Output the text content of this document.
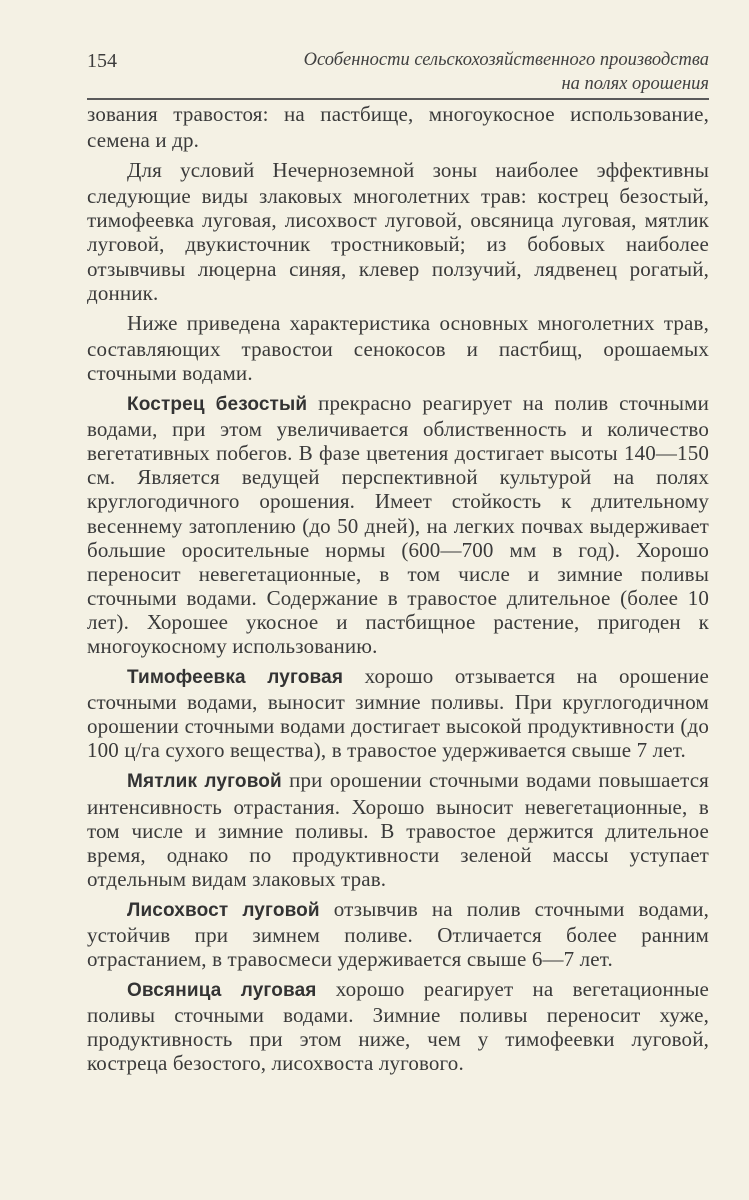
154	Особенности сельскохозяйственного производства
на полях орошения

зования травостоя: на пастбище, многоукосное использование, семена и др.

Для условий Нечерноземной зоны наиболее эффективны следующие виды злаковых многолетних трав: кострец безостый, тимофеевка луговая, лисохвост луговой, овсяница луговая, мятлик луговой, двукисточник тростниковый; из бобовых наиболее отзывчивы люцерна синяя, клевер ползучий, лядвенец рогатый, донник.

Ниже приведена характеристика основных многолетних трав, составляющих травостои сенокосов и пастбищ, орошаемых сточными водами.

Кострец безостый прекрасно реагирует на полив сточными водами, при этом увеличивается облиственность и количество вегетативных побегов. В фазе цветения достигает высоты 140—150 см. Является ведущей перспективной культурой на полях круглогодичного орошения. Имеет стойкость к длительному весеннему затоплению (до 50 дней), на легких почвах выдерживает большие оросительные нормы (600—700 мм в год). Хорошо переносит невегетационные, в том числе и зимние поливы сточными водами. Содержание в травостое длительное (более 10 лет). Хорошее укосное и пастбищное растение, пригоден к многоукосному использованию.

Тимофеевка луговая хорошо отзывается на орошение сточными водами, выносит зимние поливы. При круглогодичном орошении сточными водами достигает высокой продуктивности (до 100 ц/га сухого вещества), в травостое удерживается свыше 7 лет.

Мятлик луговой при орошении сточными водами повышается интенсивность отрастания. Хорошо выносит невегетационные, в том числе и зимние поливы. В травостое держится длительное время, однако по продуктивности зеленой массы уступает отдельным видам злаковых трав.

Лисохвост луговой отзывчив на полив сточными водами, устойчив при зимнем поливе. Отличается более ранним отрастанием, в травосмеси удерживается свыше 6—7 лет.

Овсяница луговая хорошо реагирует на вегетационные поливы сточными водами. Зимние поливы переносит хуже, продуктивность при этом ниже, чем у тимофеевки луговой, костреца безостого, лисохвоста лугового.
